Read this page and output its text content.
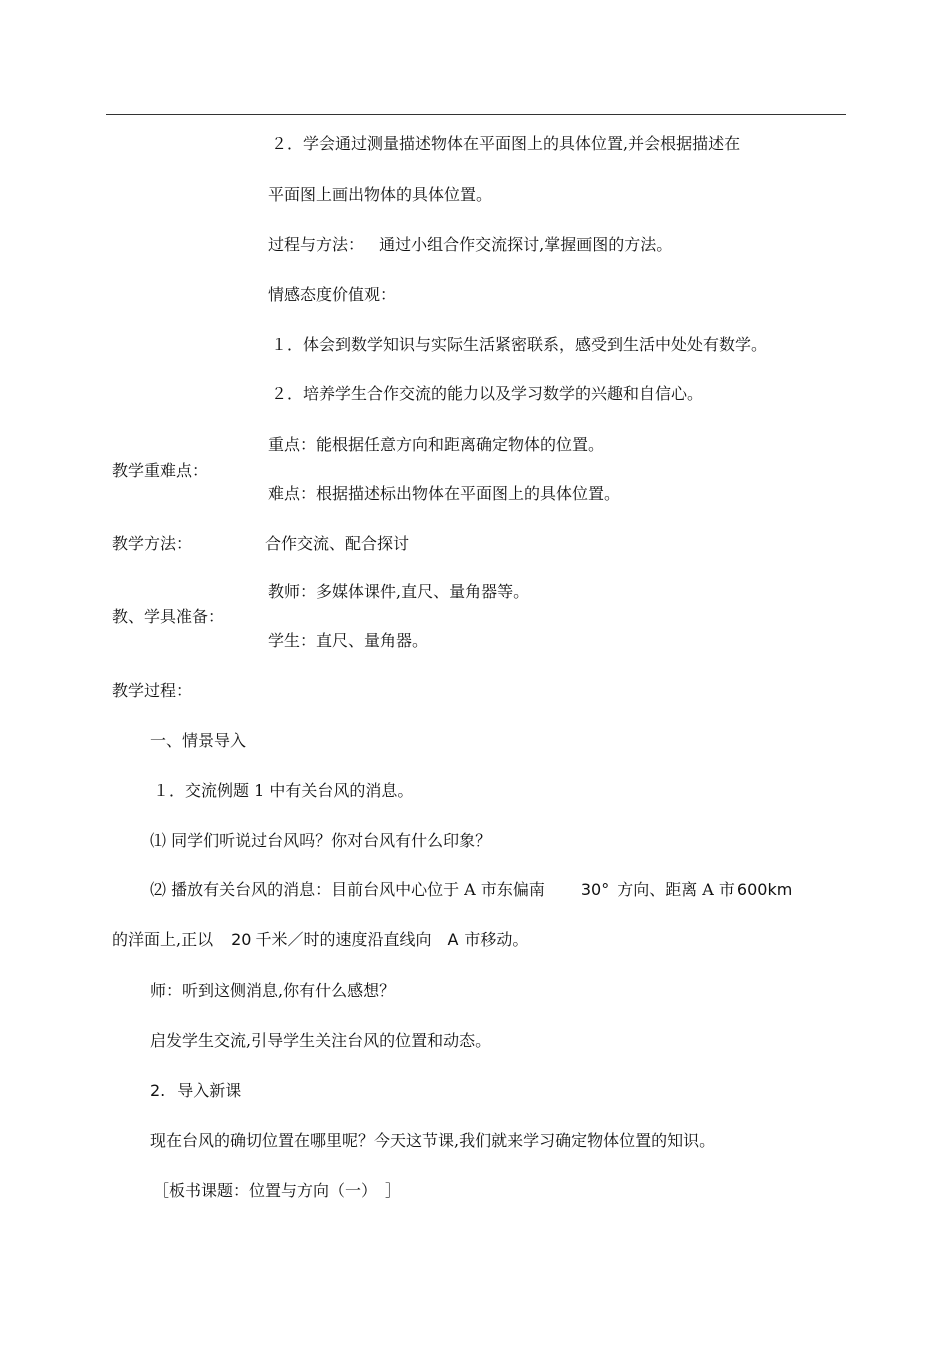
２．学会通过测量描述物体在平面图上的具体位置,并会根据描述在
平面图上画出物体的具体位置。
过程与方法： 通过小组合作交流探讨,掌握画图的方法。
情感态度价值观：
１．体会到数学知识与实际生活紧密联系，感受到生活中处处有数学。
２．培养学生合作交流的能力以及学习数学的兴趣和自信心。
重点：能根据任意方向和距离确定物体的位置。
教学重难点：
难点：根据描述标出物体在平面图上的具体位置。
教学方法：	合作交流、配合探讨
教师：多媒体课件,直尺、量角器等。
教、学具准备：
学生：直尺、量角器。
教学过程：
一、情景导入
１．交流例题 1 中有关台风的消息。
⑴ 同学们听说过台风吗？你对台风有什么印象？
⑵ 播放有关台风的消息：目前台风中心位于 A 市东偏南 30° 方向、距离 A 市 600km
的洋面上,正以 20 千米／时的速度沿直线向 A 市移动。
师：听到这侧消息,你有什么感想？
启发学生交流,引导学生关注台风的位置和动态。
2. 导入新课
现在台风的确切位置在哪里呢？今天这节课,我们就来学习确定物体位置的知识。
［板书课题：位置与方向（一）　］
